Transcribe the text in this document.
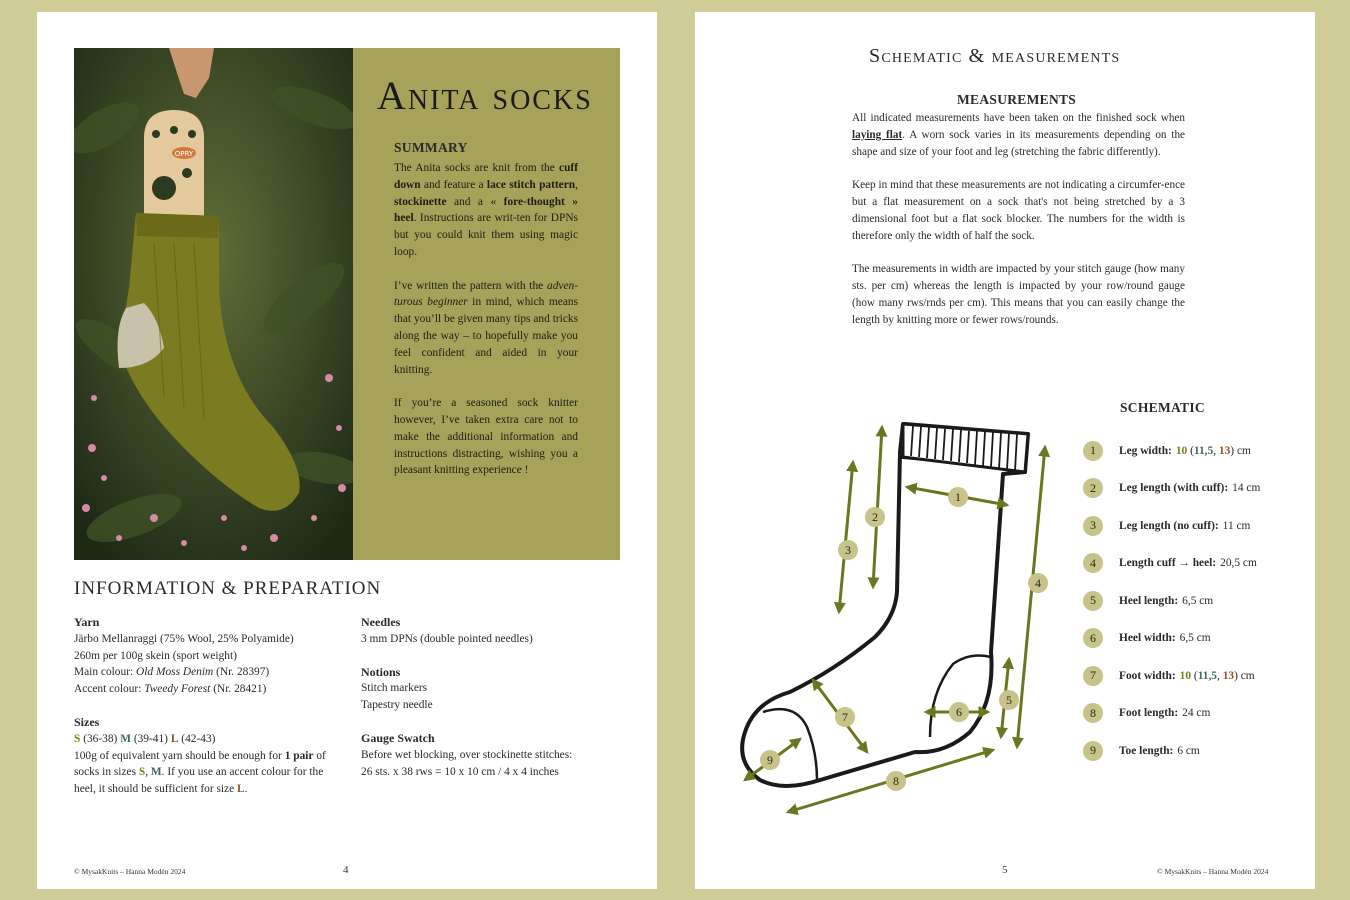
OPRY
Anita socks
SUMMARY

The Anita socks are knit from the cuff down and feature a lace stitch pattern, stockinette and a « fore-thought » heel. Instructions are writ-ten for DPNs but you could knit them using magic loop.

I’ve written the pattern with the adven-turous beginner in mind, which means that you’ll be given many tips and tricks along the way – to hopefully make you feel confident and aided in your knitting.

If you’re a seasoned sock knitter however, I’ve taken extra care not to make the additional information and instructions distracting, wishing you a pleasant knitting experience !

INFORMATION & PREPARATION
Yarn
Järbo Mellanraggi (75% Wool, 25% Polyamide)
260m per 100g skein (sport weight)
Main colour: Old Moss Denim (Nr. 28397)
Accent colour: Tweedy Forest (Nr. 28421)
Sizes
S (36-38) M (39-41) L (42-43)
100g of equivalent yarn should be enough for 1 pair of socks in sizes S, M. If you use an accent colour for the heel, it should be sufficient for size L.
Needles
3 mm DPNs (double pointed needles)
Notions
Stitch markers
Tapestry needle
Gauge Swatch
Before wet blocking, over stockinette stitches:
26 sts. x 38 rws = 10 x 10 cm / 4 x 4 inches
© MysakKnits – Hanna Modén 2024	4
Schematic & measurements
MEASUREMENTS

All indicated measurements have been taken on the finished sock when laying flat. A worn sock varies in its measurements depending on the shape and size of your foot and leg (stretching the fabric differently).

Keep in mind that these measurements are not indicating a circumfer-ence but a flat measurement on a sock that's not being stretched by a 3 dimensional foot but a flat sock blocker. The numbers for the width is therefore only the width of half the sock.

The measurements in width are impacted by your stitch gauge (how many sts. per cm) whereas the length is impacted by your row/round gauge (how many rws/rnds per cm). This means that you can easily change the length by knitting more or fewer rows/rounds.

1
2
3
4
5
6
7
8
9
SCHEMATIC
1	Leg width: 10 (11,5, 13) cm
2	Leg length (with cuff): 14 cm
3	Leg length (no cuff): 11 cm
4	Length cuff → heel: 20,5 cm
5	Heel length: 6,5 cm
6	Heel width: 6,5 cm
7	Foot width: 10 (11,5, 13) cm
8	Foot length: 24 cm
9	Toe length: 6 cm
5	© MysakKnits – Hanna Modén 2024
